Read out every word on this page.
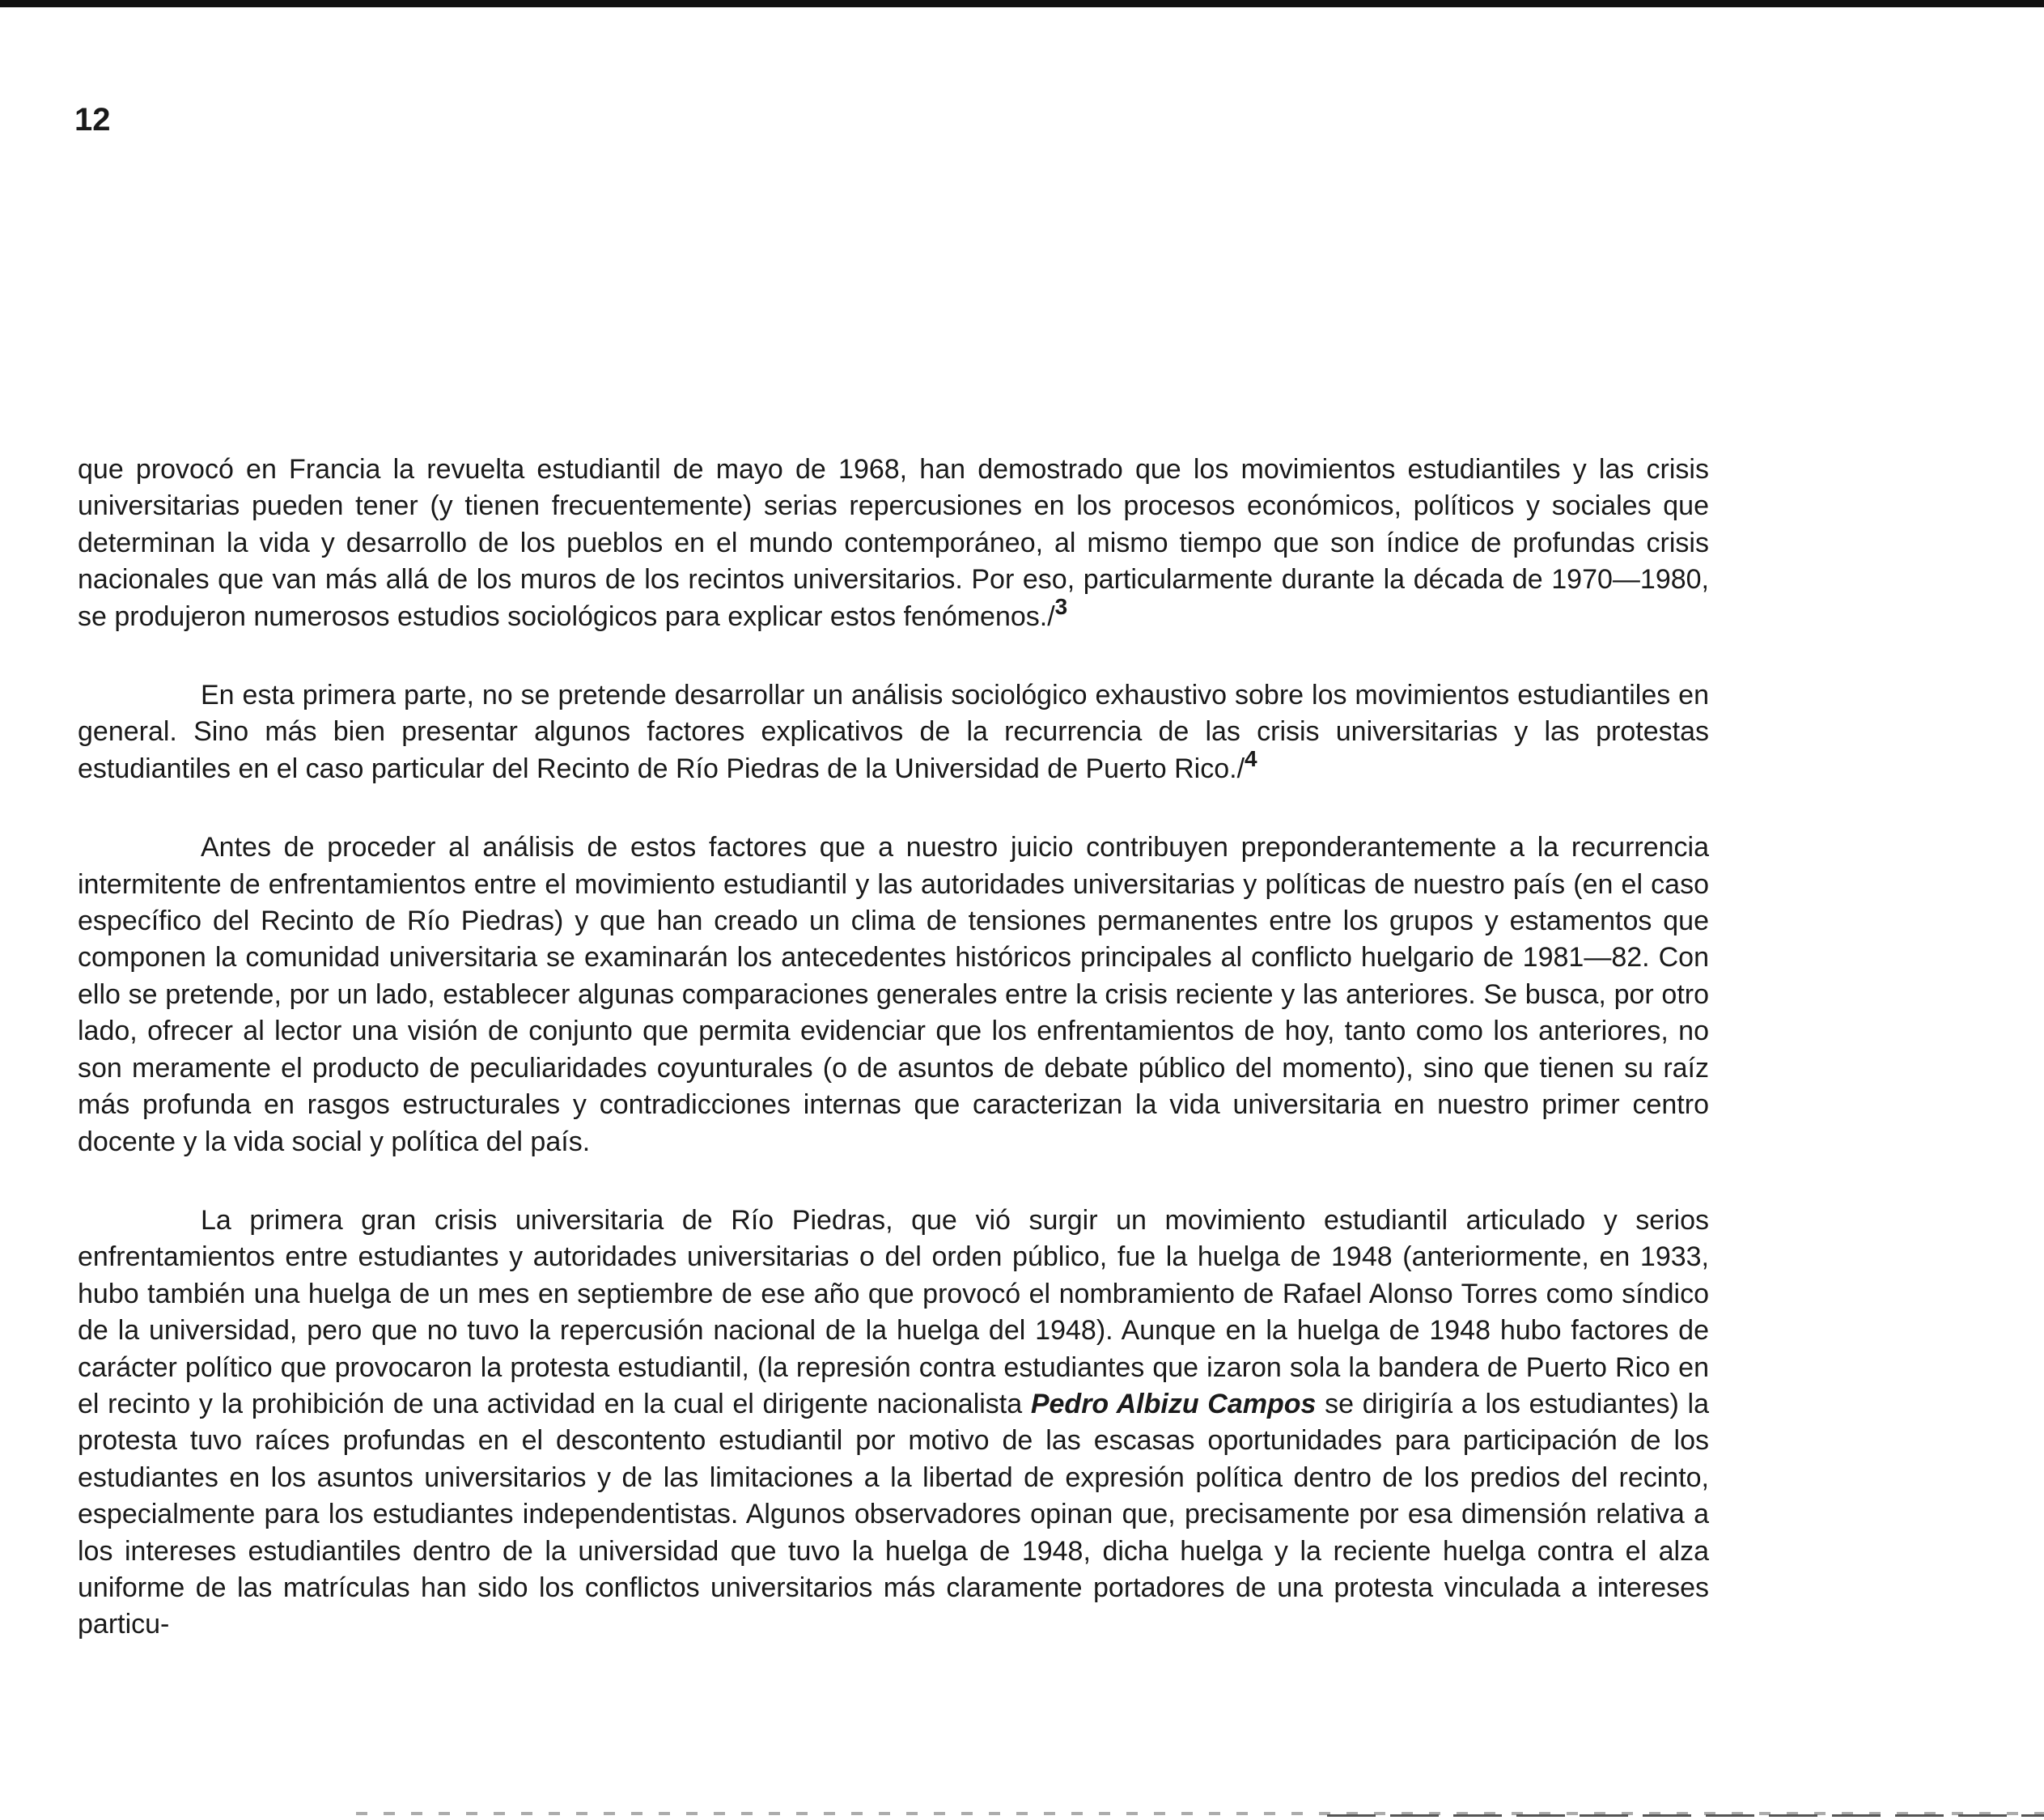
12

que provocó en Francia la revuelta estudiantil de mayo de 1968, han demostrado que los movimientos estudiantiles y las crisis universitarias pueden tener (y tienen frecuentemente) serias repercusiones en los procesos económicos, políticos y sociales que determinan la vida y desarrollo de los pueblos en el mundo contemporáneo, al mismo tiempo que son índice de profundas crisis nacionales que van más allá de los muros de los recintos universitarios. Por eso, particularmente durante la década de 1970—1980, se produjeron numerosos estudios sociológicos para explicar estos fenómenos./$^3$

En esta primera parte, no se pretende desarrollar un análisis sociológico exhaustivo sobre los movimientos estudiantiles en general. Sino más bien presentar algunos factores explicativos de la recurrencia de las crisis universitarias y las protestas estudiantiles en el caso particular del Recinto de Río Piedras de la Universidad de Puerto Rico./$^4$

Antes de proceder al análisis de estos factores que a nuestro juicio contribuyen preponderantemente a la recurrencia intermitente de enfrentamientos entre el movimiento estudiantil y las autoridades universitarias y políticas de nuestro país (en el caso específico del Recinto de Río Piedras) y que han creado un clima de tensiones permanentes entre los grupos y estamentos que componen la comunidad universitaria se examinarán los antecedentes históricos principales al conflicto huelgario de 1981—82. Con ello se pretende, por un lado, establecer algunas comparaciones generales entre la crisis reciente y las anteriores. Se busca, por otro lado, ofrecer al lector una visión de conjunto que permita evidenciar que los enfrentamientos de hoy, tanto como los anteriores, no son meramente el producto de peculiaridades coyunturales (o de asuntos de debate público del momento), sino que tienen su raíz más profunda en rasgos estructurales y contradicciones internas que caracterizan la vida universitaria en nuestro primer centro docente y la vida social y política del país.

La primera gran crisis universitaria de Río Piedras, que vió surgir un movimiento estudiantil articulado y serios enfrentamientos entre estudiantes y autoridades universitarias o del orden público, fue la huelga de 1948 (anteriormente, en 1933, hubo también una huelga de un mes en septiembre de ese año que provocó el nombramiento de Rafael Alonso Torres como síndico de la universidad, pero que no tuvo la repercusión nacional de la huelga del 1948). Aunque en la huelga de 1948 hubo factores de carácter político que provocaron la protesta estudiantil, (la represión contra estudiantes que izaron sola la bandera de Puerto Rico en el recinto y la prohibición de una actividad en la cual el dirigente nacionalista Pedro Albizu Campos se dirigiría a los estudiantes) la protesta tuvo raíces profundas en el descontento estudiantil por motivo de las escasas oportunidades para participación de los estudiantes en los asuntos universitarios y de las limitaciones a la libertad de expresión política dentro de los predios del recinto, especialmente para los estudiantes independentistas. Algunos observadores opinan que, precisamente por esa dimensión relativa a los intereses estudiantiles dentro de la universidad que tuvo la huelga de 1948, dicha huelga y la reciente huelga contra el alza uniforme de las matrículas han sido los conflictos universitarios más claramente portadores de una protesta vinculada a intereses particu-
